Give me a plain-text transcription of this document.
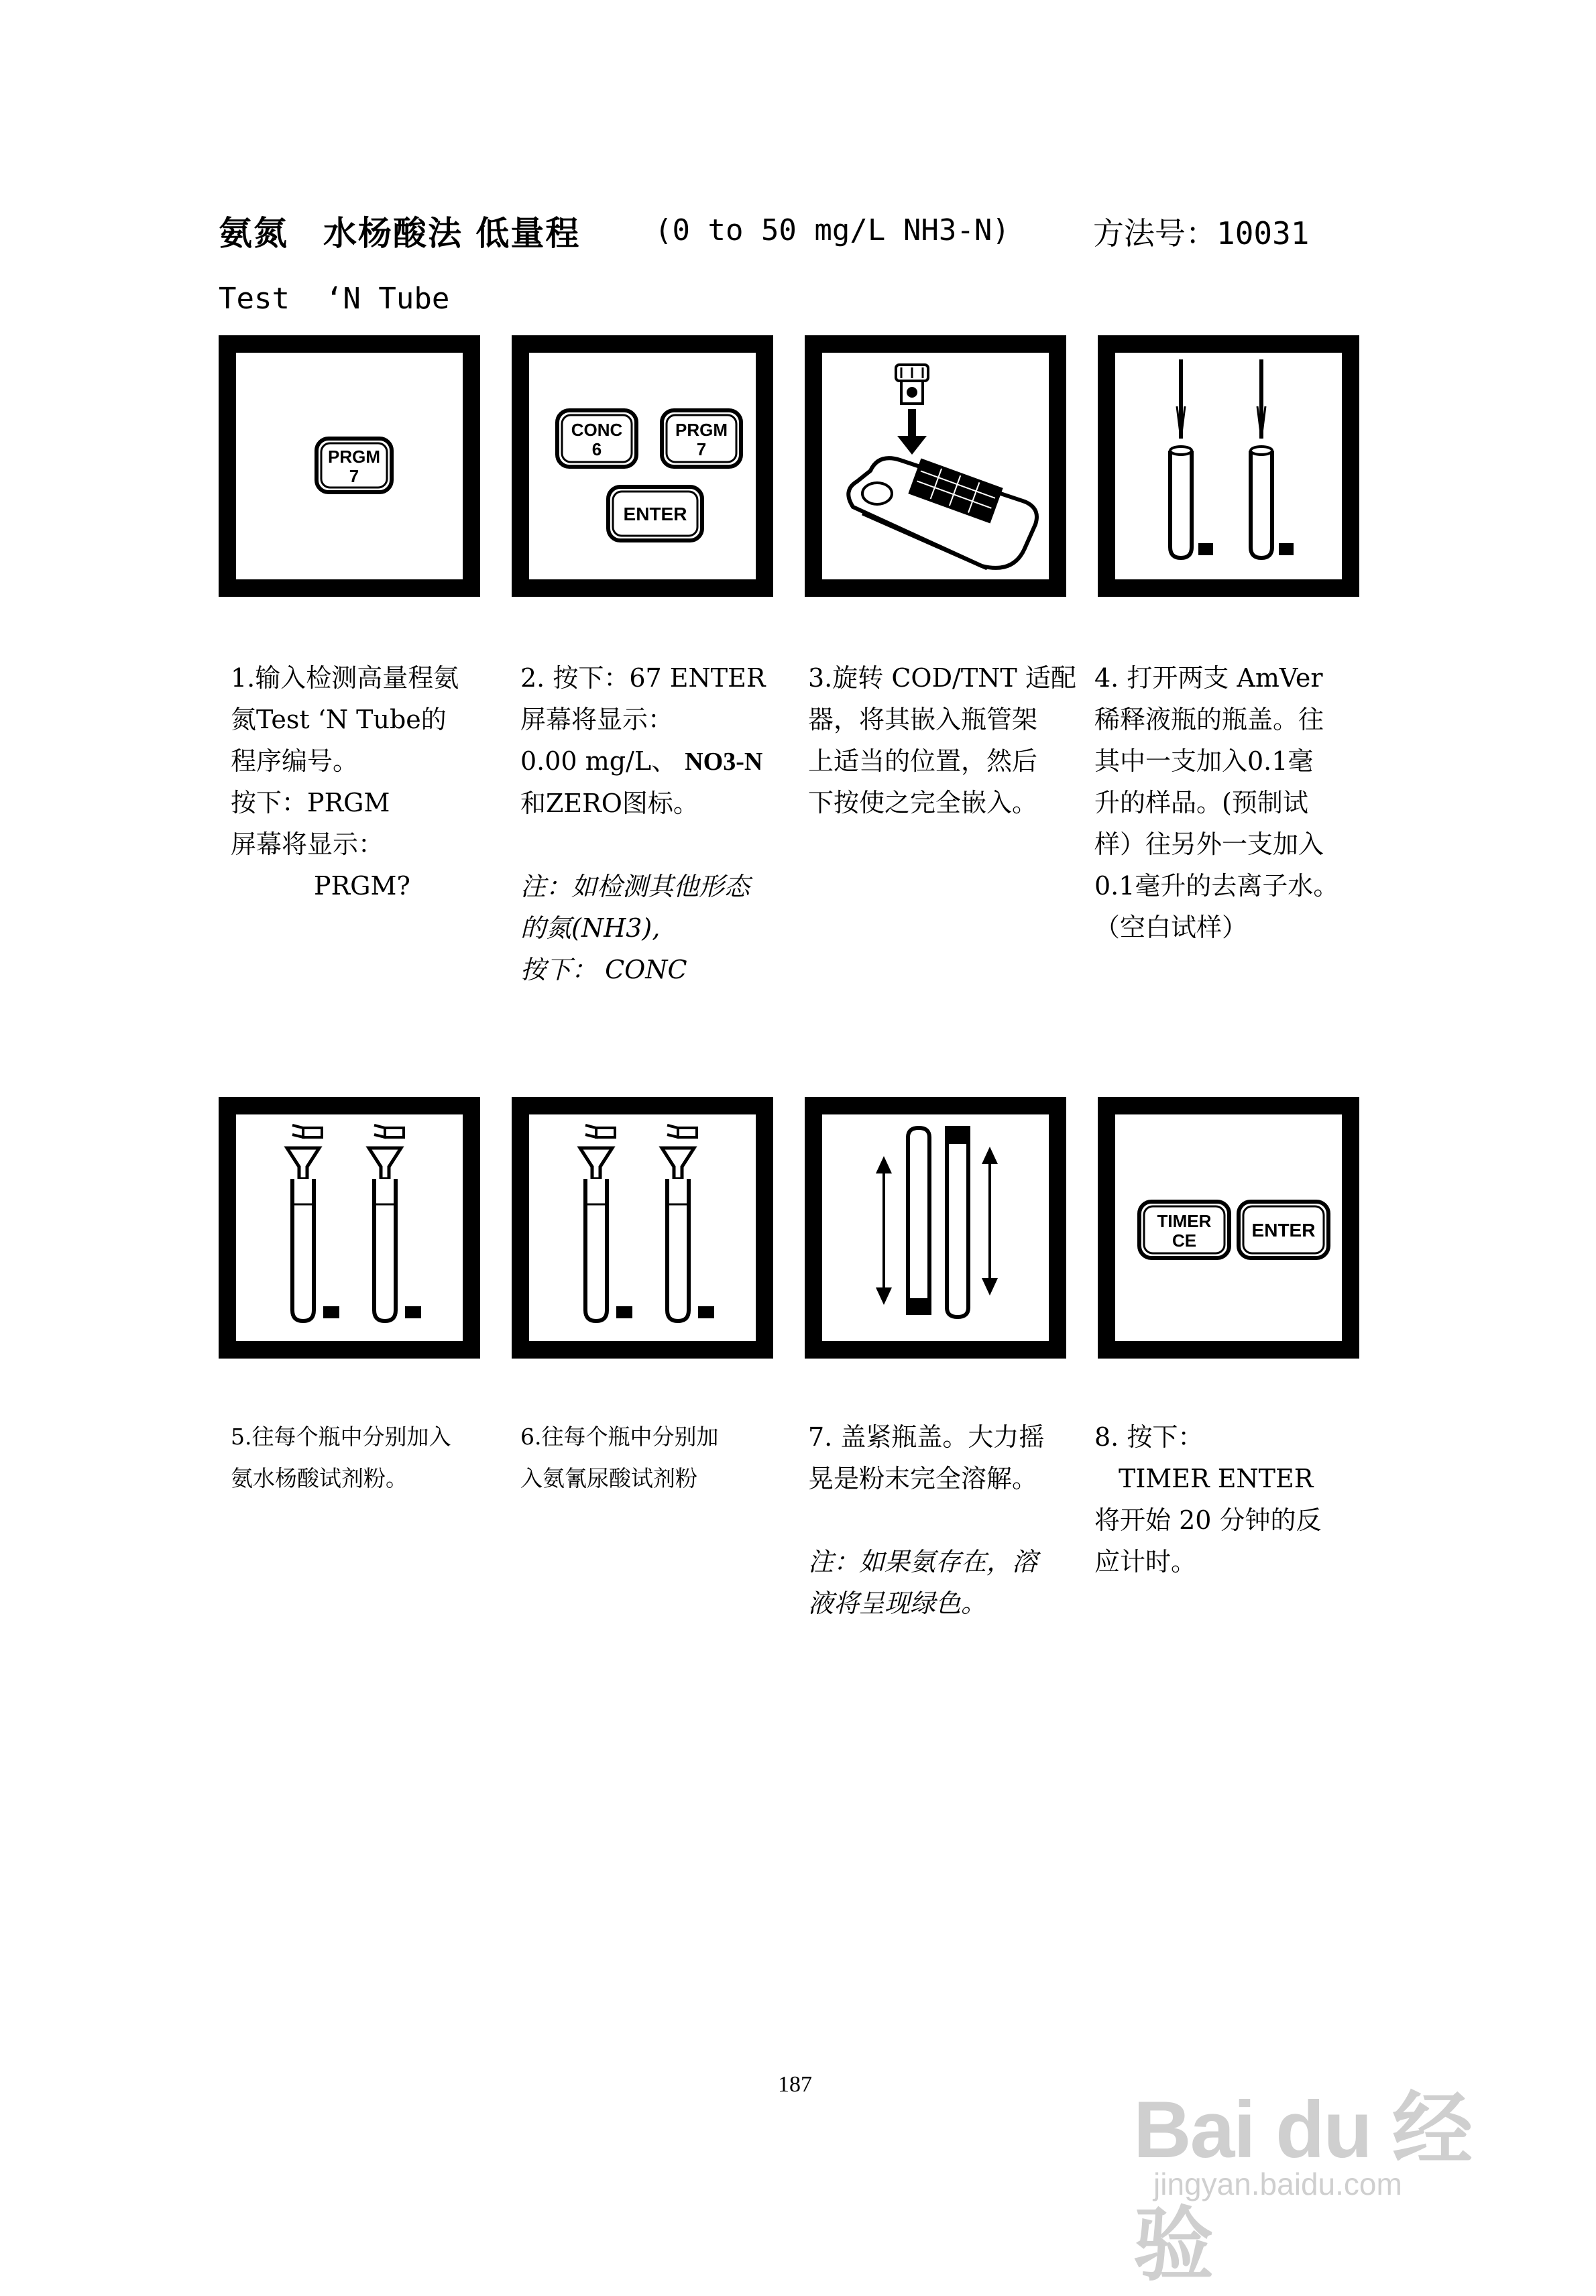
氨氮　水杨酸法 低量程	(0 to 50 mg/L NH3-N)	方法号：10031
Test  ‘N Tube
PRGM
7
CONC
6
PRGM
7
ENTER
1.输入检测高量程氨
氮Test ‘N Tube的
程序编号。
按下：PRGM
屏幕将显示：
PRGM?
2. 按下：67 ENTER
屏幕将显示：
0.00 mg/L、 NO3-N
和ZERO图标。
注：如检测其他形态
的氮(NH3),
按下： CONC
3.旋转 COD/TNT 适配
器，将其嵌入瓶管架
上适当的位置，然后
下按使之完全嵌入。
4. 打开两支 AmVer
稀释液瓶的瓶盖。往
其中一支加入0.1毫
升的样品。(预制试
样）往另外一支加入
0.1毫升的去离子水。
（空白试样）
TIMER
CE	ENTER
5.往每个瓶中分别加入
氨水杨酸试剂粉。
6.往每个瓶中分别加
入氨氰尿酸试剂粉
7. 盖紧瓶盖。大力摇
晃是粉末完全溶解。
注：如果氨存在，溶
液将呈现绿色。
8. 按下：
TIMER ENTER
将开始 20 分钟的反
应计时。
187
Bai du 经验
jingyan.baidu.com
